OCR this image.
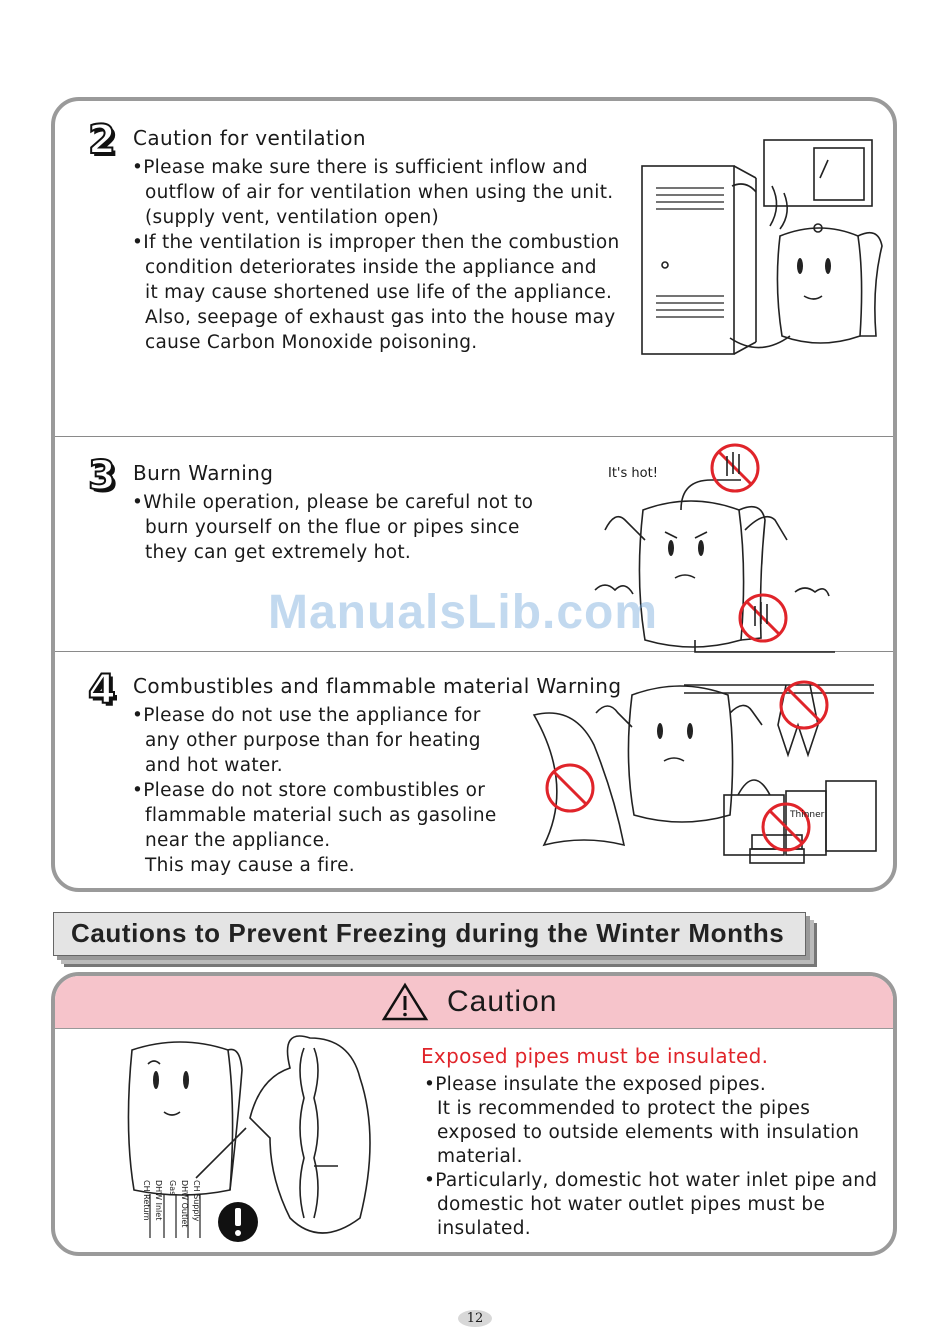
2 Caution for ventilation
•Please make sure there is sufficient inflow and
outflow of air for ventilation when using the unit.
(supply vent, ventilation open)
•If the ventilation is improper then the combustion
condition deteriorates inside the appliance and
it may cause shortened use life of the appliance.
Also, seepage of exhaust gas into the house may
cause Carbon Monoxide poisoning.
3 Burn Warning
•While operation, please be careful not to
burn yourself on the flue or pipes since
they can get extremely hot.
It's hot!
ManualsLib.com
4 Combustibles and flammable material Warning
•Please do not use the appliance for
any other purpose than for heating
and hot water.
•Please do not store combustibles or
flammable material such as gasoline
near the appliance.
This may cause a fire.
Thinner
Cautions to Prevent Freezing during the Winter Months
Caution
Exposed pipes must be insulated.
•Please insulate the exposed pipes.
It is recommended to protect the pipes
exposed to outside elements with insulation
material.
•Particularly, domestic hot water inlet pipe and
domestic hot water outlet pipes must be
insulated.
CH Return DHW Inlet Gas DHW Outlet CH Supply
12
